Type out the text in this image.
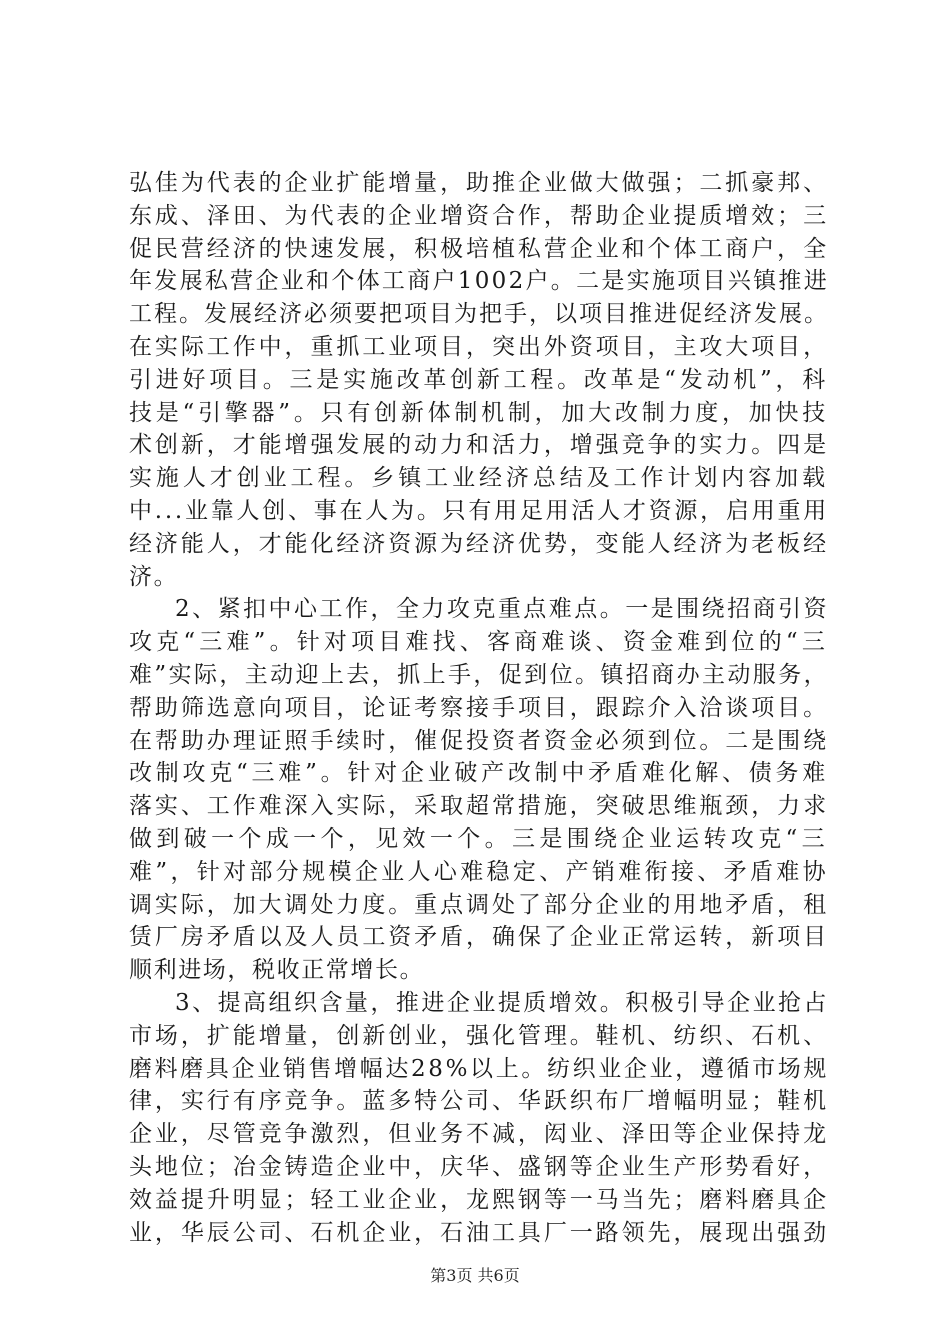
弘佳为代表的企业扩能增量，助推企业做大做强；二抓豪邦、
东成、泽田、为代表的企业增资合作，帮助企业提质增效；三
促民营经济的快速发展，积极培植私营企业和个体工商户，全
年发展私营企业和个体工商户1002户。二是实施项目兴镇推进
工程。发展经济必须要把项目为把手，以项目推进促经济发展。
在实际工作中，重抓工业项目，突出外资项目，主攻大项目，
引进好项目。三是实施改革创新工程。改革是“发动机”，科
技是“引擎器”。只有创新体制机制，加大改制力度，加快技
术创新，才能增强发展的动力和活力，增强竞争的实力。四是
实施人才创业工程。乡镇工业经济总结及工作计划内容加载
中...业靠人创、事在人为。只有用足用活人才资源，启用重用
经济能人，才能化经济资源为经济优势，变能人经济为老板经
济。
2、紧扣中心工作，全力攻克重点难点。一是围绕招商引资
攻克“三难”。针对项目难找、客商难谈、资金难到位的“三
难”实际，主动迎上去，抓上手，促到位。镇招商办主动服务，
帮助筛选意向项目，论证考察接手项目，跟踪介入洽谈项目。
在帮助办理证照手续时，催促投资者资金必须到位。二是围绕
改制攻克“三难”。针对企业破产改制中矛盾难化解、债务难
落实、工作难深入实际，采取超常措施，突破思维瓶颈，力求
做到破一个成一个，见效一个。三是围绕企业运转攻克“三
难”，针对部分规模企业人心难稳定、产销难衔接、矛盾难协
调实际，加大调处力度。重点调处了部分企业的用地矛盾，租
赁厂房矛盾以及人员工资矛盾，确保了企业正常运转，新项目
顺利进场，税收正常增长。
3、提高组织含量，推进企业提质增效。积极引导企业抢占
市场，扩能增量，创新创业，强化管理。鞋机、纺织、石机、
磨料磨具企业销售增幅达28%以上。纺织业企业，遵循市场规
律，实行有序竞争。蓝多特公司、华跃织布厂增幅明显；鞋机
企业，尽管竞争激烈，但业务不减，闳业、泽田等企业保持龙
头地位；冶金铸造企业中，庆华、盛钢等企业生产形势看好，
效益提升明显；轻工业企业，龙熙钢等一马当先；磨料磨具企
业，华辰公司、石机企业，石油工具厂一路领先，展现出强劲
第3页 共6页
